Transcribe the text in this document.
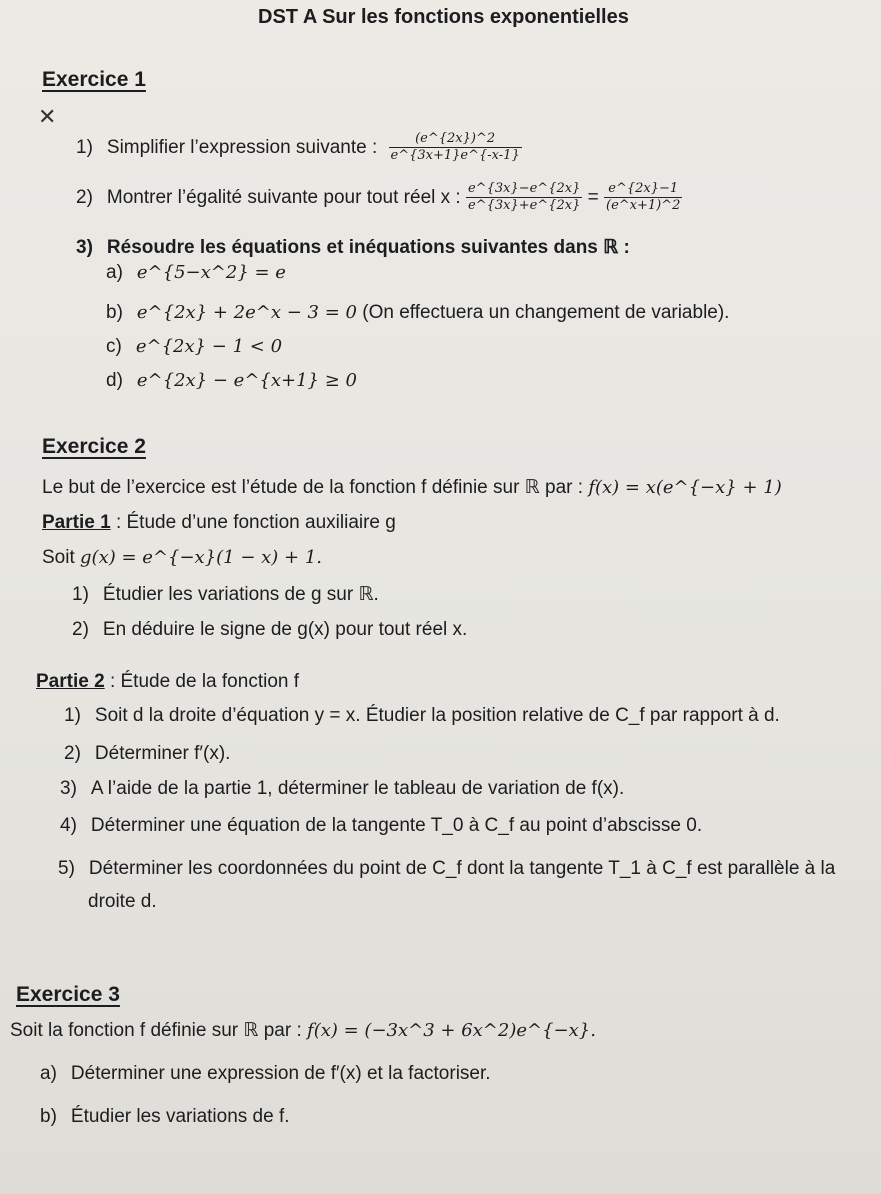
DST A Sur les fonctions exponentielles
Exercice 1
✕
1) Simplifier l’expression suivante : $\frac{(e\^{}\{2x\})\^{}2}{e\^{}\{3x+1\}e\^{}\{-x-1\}}$
2) Montrer l’égalité suivante pour tout réel x : $\frac{e\^{}\{3x\}-e\^{}\{2x\}}{e\^{}\{3x\}+e\^{}\{2x\}} = \frac{e\^{}\{2x\}-1}{(e\^{}x+1)\^{}2}$
3) Résoudre les équations et inéquations suivantes dans ℝ :
a) e^{5−x^2} = e
b) e^{2x} + 2e^x − 3 = 0 (On effectuera un changement de variable).
c) e^{2x} − 1 < 0
d) e^{2x} − e^{x+1} ≥ 0
Exercice 2
Le but de l’exercice est l’étude de la fonction f définie sur ℝ par : f(x) = x(e^{−x} + 1)
Partie 1 : Étude d’une fonction auxiliaire g
Soit g(x) = e^{−x}(1 − x) + 1.
1) Étudier les variations de g sur ℝ.
2) En déduire le signe de g(x) pour tout réel x.
Partie 2 : Étude de la fonction f
1) Soit d la droite d’équation y = x. Étudier la position relative de C_f par rapport à d.
2) Déterminer f′(x).
3) A l’aide de la partie 1, déterminer le tableau de variation de f(x).
4) Déterminer une équation de la tangente T_0 à C_f au point d’abscisse 0.
5) Déterminer les coordonnées du point de C_f dont la tangente T_1 à C_f est parallèle à la
droite d.
Exercice 3
Soit la fonction f définie sur ℝ par : f(x) = (−3x^3 + 6x^2)e^{−x}.
a) Déterminer une expression de f′(x) et la factoriser.
b) Étudier les variations de f.
